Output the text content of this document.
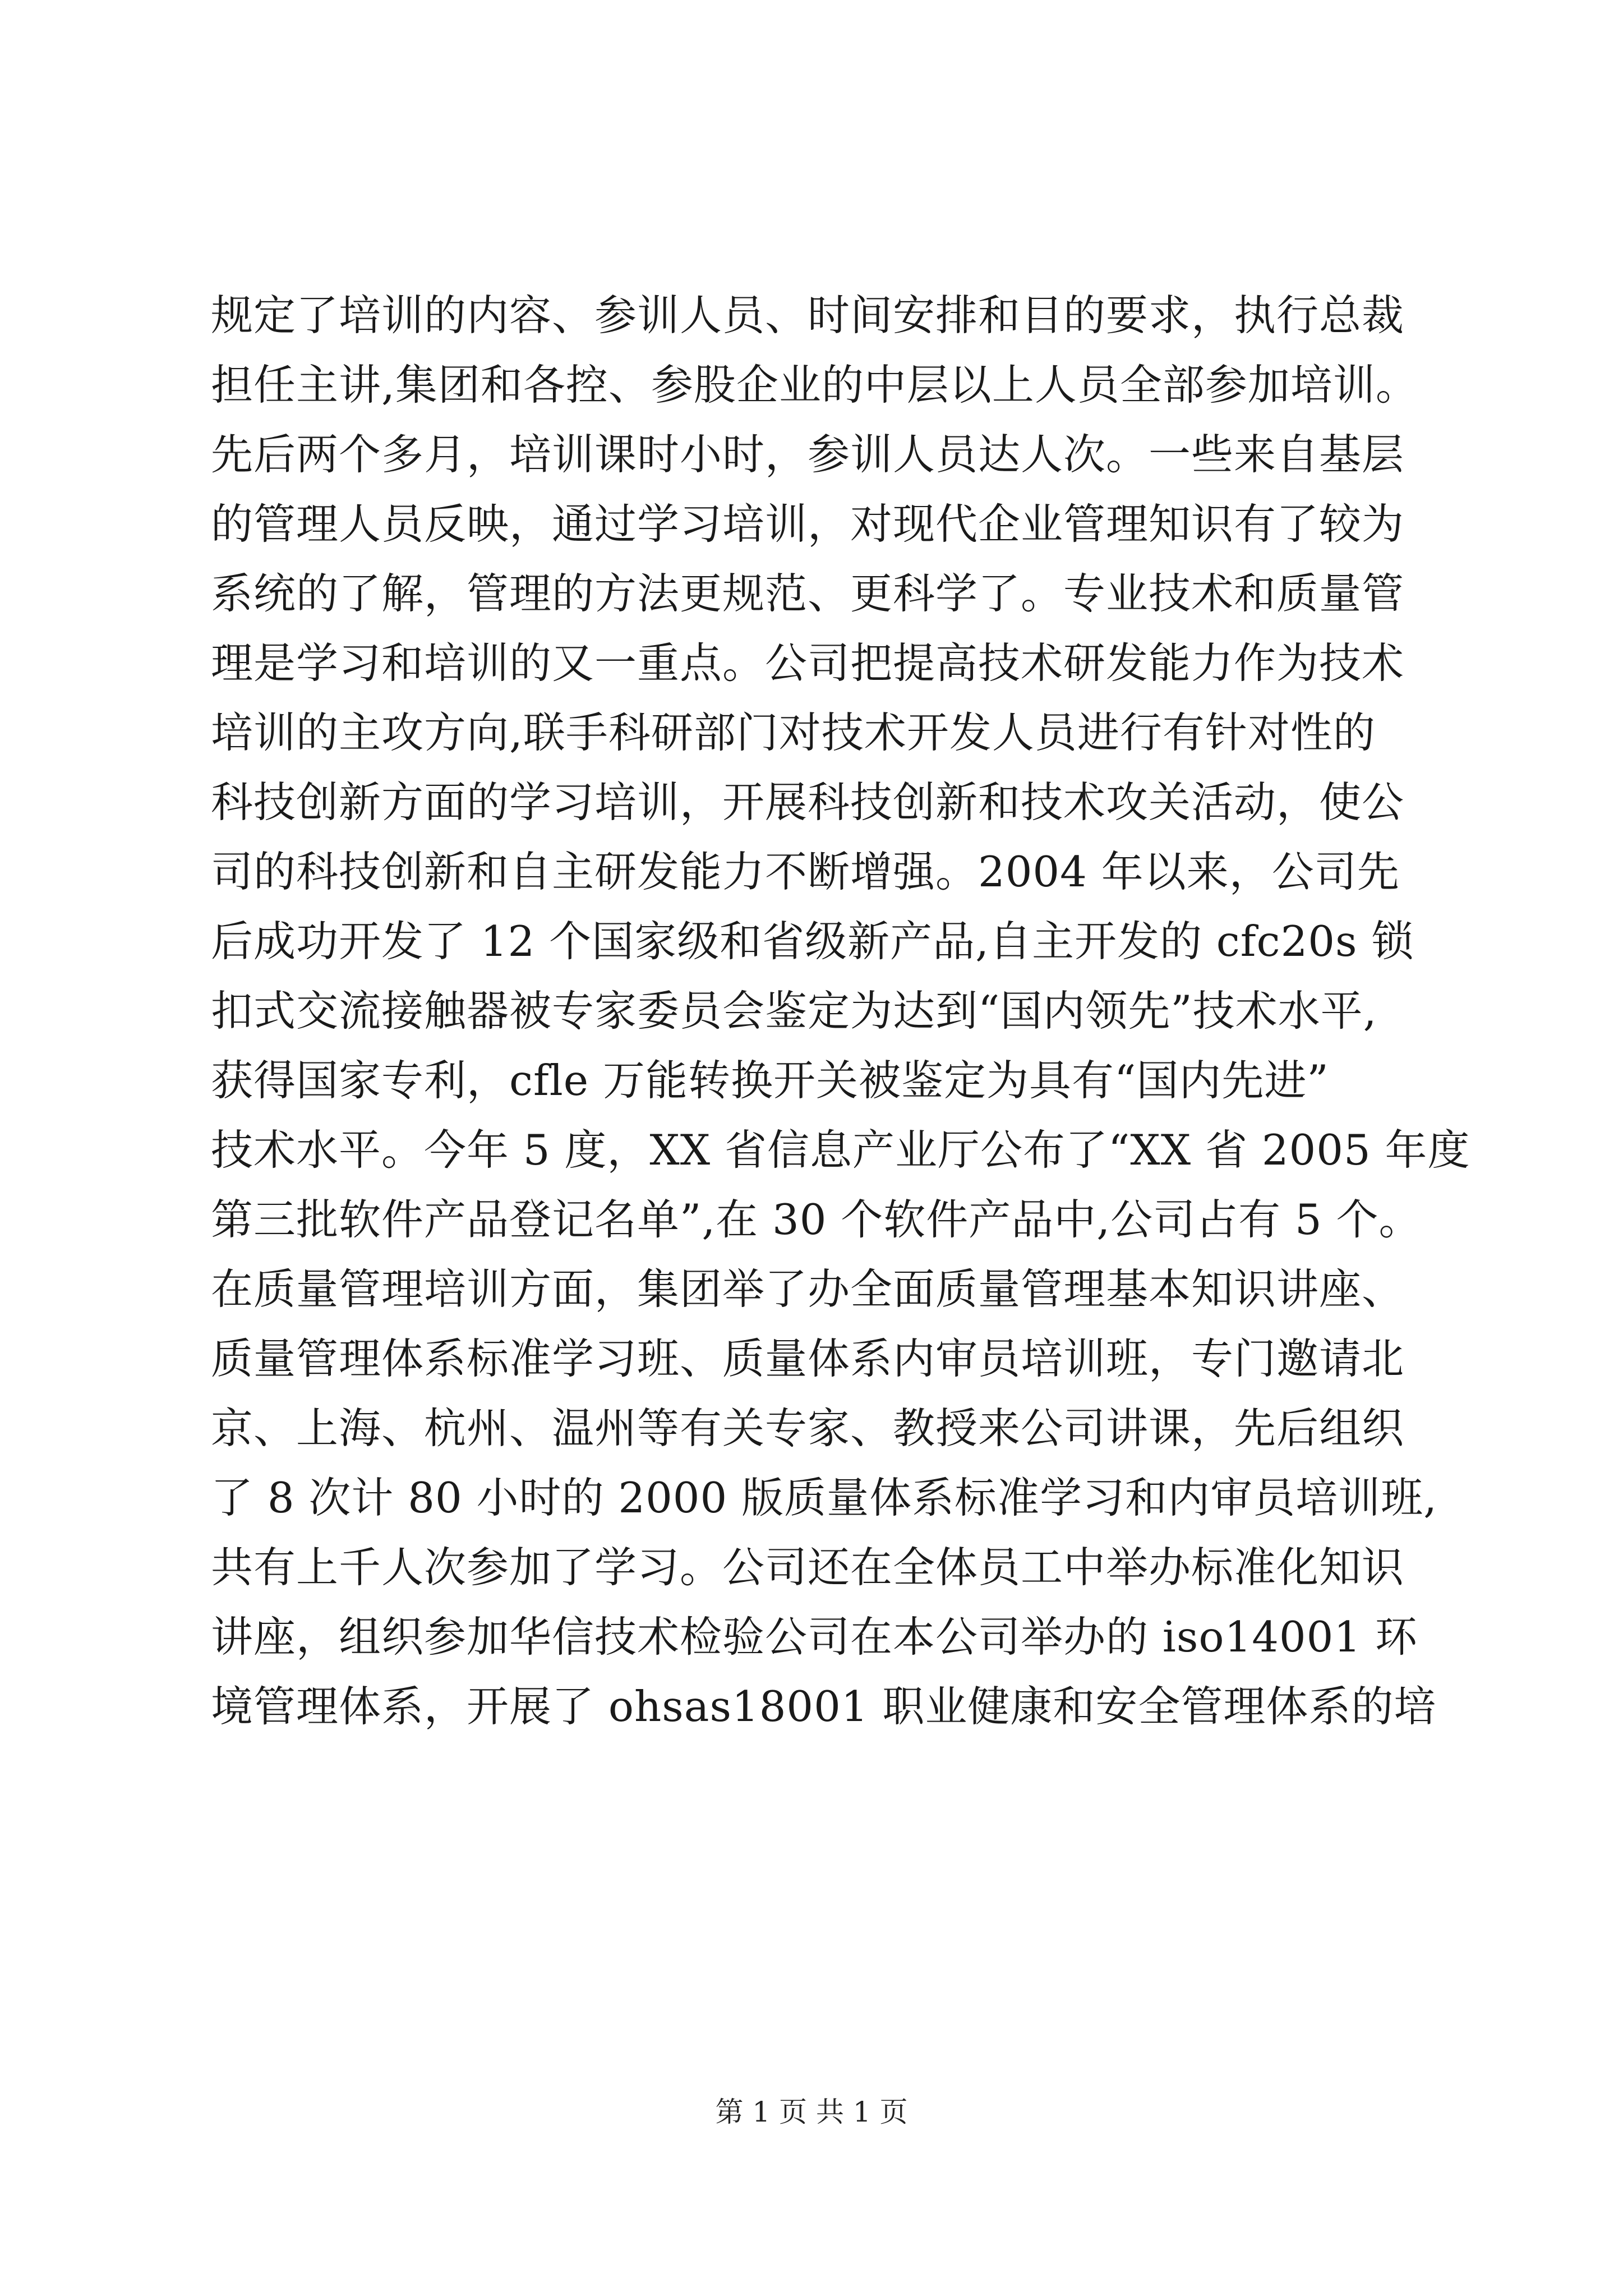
规定了培训的内容、参训人员、时间安排和目的要求，执行总裁
担任主讲,集团和各控、参股企业的中层以上人员全部参加培训。
先后两个多月，培训课时小时，参训人员达人次。一些来自基层
的管理人员反映，通过学习培训，对现代企业管理知识有了较为
系统的了解，管理的方法更规范、更科学了。专业技术和质量管
理是学习和培训的又一重点。公司把提高技术研发能力作为技术
培训的主攻方向,联手科研部门对技术开发人员进行有针对性的
科技创新方面的学习培训，开展科技创新和技术攻关活动，使公
司的科技创新和自主研发能力不断增强。2004 年以来，公司先
后成功开发了 12 个国家级和省级新产品,自主开发的 cfc20s 锁
扣式交流接触器被专家委员会鉴定为达到“国内领先”技术水平,
获得国家专利，cfle 万能转换开关被鉴定为具有“国内先进”
技术水平。今年 5 度，XX 省信息产业厅公布了“XX 省 2005 年度
第三批软件产品登记名单”,在 30 个软件产品中,公司占有 5 个。
在质量管理培训方面，集团举了办全面质量管理基本知识讲座、
质量管理体系标准学习班、质量体系内审员培训班，专门邀请北
京、上海、杭州、温州等有关专家、教授来公司讲课，先后组织
了 8 次计 80 小时的 2000 版质量体系标准学习和内审员培训班,
共有上千人次参加了学习。公司还在全体员工中举办标准化知识
讲座，组织参加华信技术检验公司在本公司举办的 iso14001 环
境管理体系，开展了 ohsas18001 职业健康和安全管理体系的培
第 1 页 共 1 页
